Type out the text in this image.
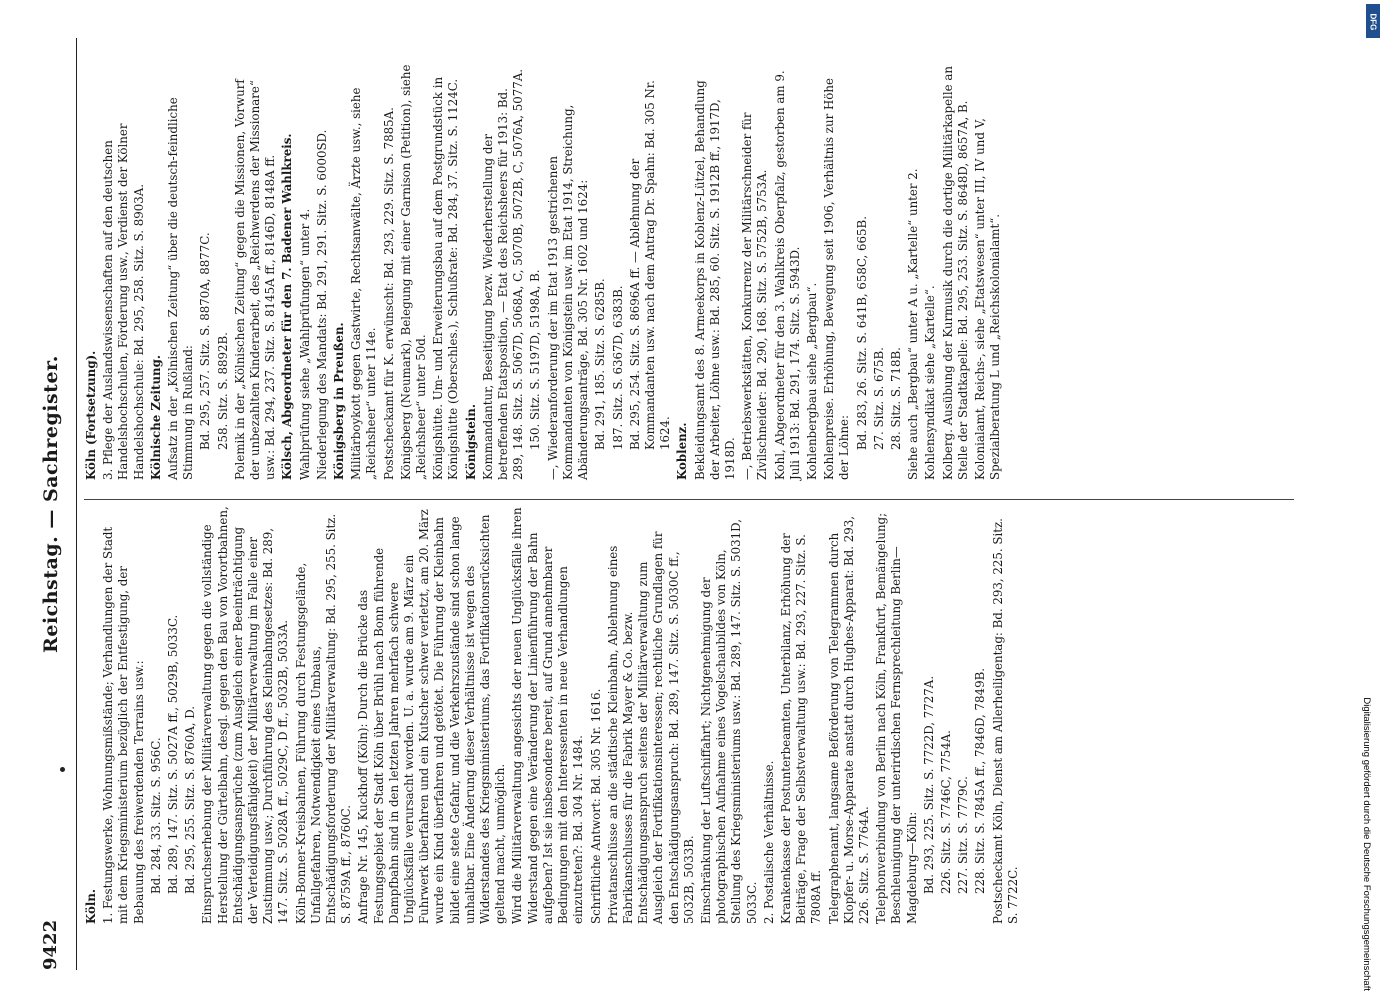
9422
Reichstag. — Sachregister.

Köln. 1. Festungswerke, Wohnungsmißstände; Verhandlungen der Stadt mit dem Kriegsministerium bezüglich der Entfestigung, der Bebauung des freiwerdenden Terrains usw.: Bd. 284, 33. Sitz. S. 956C. Bd. 289, 147. Sitz. S. 5027A ff., 5029B, 5033C. Bd. 295, 255. Sitz. S. 8760A, D. Einspruchserhebung der Militärverwaltung gegen die vollständige Herstellung der Gürtelbahn, desgl. gegen den Bau von Vorortbahnen, Entschädigungsansprüche (zum Ausgleich einer Beeinträchtigung der Verteidigungsfähigkeit) der Militärverwaltung im Falle einer Zustimmung usw.; Durchführung des Kleinbahngesetzes: Bd. 289, 147. Sitz. S. 5028A ff., 5029C, D ff., 5032B, 5033A. Köln-Bonner-Kreisbahnen, Führung durch Festungsgelände, Unfallgefahren, Notwendigkeit eines Umbaus, Entschädigungsforderung der Militärverwaltung: Bd. 295, 255. Sitz. S. 8759A ff., 8760C. Anfrage Nr. 145, Kuckhoff (Köln): Durch die Brücke das Festungsgebiet der Stadt Köln über Brühl nach Bonn führende Dampfbahn sind in den letzten Jahren mehrfach schwere Unglücksfälle verursacht worden. U. a. wurde am 9. März ein Fuhrwerk überfahren und ein Kutscher schwer verletzt, am 20. März wurde ein Kind überfahren und getötet. Die Führung der Kleinbahn bildet eine stete Gefahr, und die Verkehrszustände sind schon lange unhaltbar. Eine Änderung dieser Verhältnisse ist wegen des Widerstandes des Kriegsministeriums, das Fortifikationsrücksichten geltend macht, unmöglich. Wird die Militärverwaltung angesichts der neuen Unglücksfälle ihren Widerstand gegen eine Veränderung der Linienführung der Bahn aufgeben? Ist sie insbesondere bereit, auf Grund annehmbarer Bedingungen mit den Interessenten in neue Verhandlungen einzutreten?: Bd. 304 Nr. 1484. Schriftliche Antwort: Bd. 305 Nr. 1616. Privatanschlüsse an die städtische Kleinbahn, Ablehnung eines Fabrikanschlusses für die Fabrik Mayer & Co. bezw. Entschädigungsanspruch seitens der Militärverwaltung zum Ausgleich der Fortifikationsinteressen; rechtliche Grundlagen für den Entschädigungsanspruch: Bd. 289, 147. Sitz. S. 5030C ff., 5032B, 5033B. Einschränkung der Luftschiffahrt; Nichtgenehmigung der photographischen Aufnahme eines Vogelschaubildes von Köln, Stellung des Kriegsministeriums usw.: Bd. 289, 147. Sitz. S. 5031D, 5033C. 2. Postalische Verhältnisse. Krankenkasse der Postunterbeamten, Unterbilanz, Erhöhung der Beiträge, Frage der Selbstverwaltung usw.: Bd. 293, 227. Sitz. S. 7808A ff. Telegraphenamt, langsame Beförderung von Telegrammen durch Klopfer- u. Morse-Apparate anstatt durch Hughes-Apparat: Bd. 293, 226. Sitz. S. 7764A. Telephonverbindung von Berlin nach Köln, Frankfurt, Bemängelung; Beschleunigung der unterirdischen Fernsprechleitung Berlin—Magdeburg—Köln: Bd. 293, 225. Sitz. S. 7722D, 7727A. 226. Sitz. S. 7746C, 7754A. 227. Sitz. S. 7779C. 228. Sitz. S. 7845A ff., 7846D, 7849B. Postscheckamt Köln, Dienst am Allerheiligentag: Bd. 293, 225. Sitz. S. 7722C.

Köln (Fortsetzung). 3. Pflege der Auslandswissenschaften auf den deutschen Handelshochschulen, Förderung usw., Verdienst der Kölner Handelshochschule: Bd. 295, 258. Sitz. S. 8903A. Kölnische Zeitung. Aufsatz in der „Kölnischen Zeitung“ über die deutsch-feindliche Stimmung in Rußland: Bd. 295, 257. Sitz. S. 8870A, 8877C. 258. Sitz. S. 8892B. Polemik in der „Kölnischen Zeitung“ gegen die Missionen, Vorwurf der unbezahlten Kinderarbeit, des „Reichwerdens der Missionare“ usw.: Bd. 294, 237. Sitz. S. 8145A ff., 8146D, 8148A ff. Kölsch, Abgeordneter für den 7. Badener Wahlkreis. Wahlprüfung siehe „Wahlprüfungen“ unter 4. Niederlegung des Mandats: Bd. 291, 291. Sitz. S. 6000SD. Königsberg in Preußen. Militärboykott gegen Gastwirte, Rechtsanwälte, Ärzte usw., siehe „Reichsheer“ unter 114e. Postscheckamt für K. erwünscht: Bd. 293, 229. Sitz. S. 7885A. Königsberg (Neumark), Belegung mit einer Garnison (Petition), siehe „Reichsheer“ unter 50d. Königshütte. Um- und Erweiterungsbau auf dem Postgrundstück in Königshütte (Oberschles.), Schlußrate: Bd. 284, 37. Sitz. S. 1124C. Königstein. Kommandantur, Beseitigung bezw. Wiederherstellung der betreffenden Etatsposition, — Etat des Reichsheers für 1913: Bd. 289, 148. Sitz. S. 5067D, 5068A, C, 5070B, 5072B, C, 5076A, 5077A. 150. Sitz. S. 5197D, 5198A, B. —, Wiederanforderung der im Etat 1913 gestrichenen Kommandanten von Königstein usw. im Etat 1914, Streichung, Abänderungsanträge, Bd. 305 Nr. 1602 und 1624: Bd. 291, 185. Sitz. S. 6285B. 187. Sitz. S. 6367D, 6383B. Bd. 295, 254. Sitz. S. 8696A ff. — Ablehnung der Kommandanten usw. nach dem Antrag Dr. Spahn: Bd. 305 Nr. 1624. Koblenz. Bekleidungsamt des 8. Armeekorps in Koblenz-Lützel, Behandlung der Arbeiter, Löhne usw.: Bd. 285, 60. Sitz. S. 1912B ff., 1917D, 1918D. —, Betriebswerkstätten, Konkurrenz der Militärschneider für Zivilschneider: Bd. 290, 168. Sitz. S. 5752B, 5753A. Kohl, Abgeordneter für den 3. Wahlkreis Oberpfalz, gestorben am 9. Juli 1913: Bd. 291, 174. Sitz. S. 5943D. Kohlenbergbau siehe „Bergbau“. Kohlenpreise. Erhöhung, Bewegung seit 1906, Verhältnis zur Höhe der Löhne: Bd. 283, 26. Sitz. S. 641B, 658C, 665B. 27. Sitz. S. 675B. 28. Sitz. S. 718B. Siehe auch „Bergbau“ unter A u. „Kartelle“ unter 2. Kohlensyndikat siehe „Kartelle“. Kolberg. Ausübung der Kurmusik durch die dortige Militärkapelle an Stelle der Stadtkapelle: Bd. 295, 253. Sitz. S. 8648D, 8657A, B. Kolonialamt, Reichs-, siehe „Etatswesen“ unter III, IV und V, Spezialberatung L und „Reichskolonialamt“.

Digitalisierung gefördert durch die Deutsche Forschungsgemeinschaft
DFG
